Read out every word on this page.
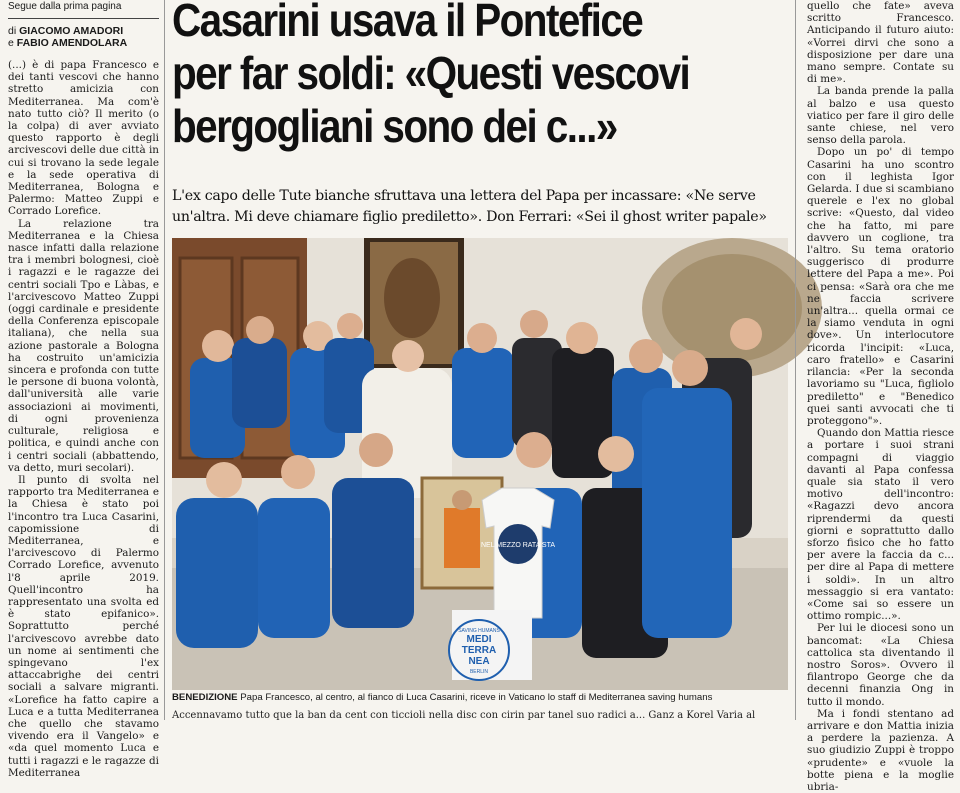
Segue dalla prima pagina
di GIACOMO AMADORI
e FABIO AMENDOLARA

(...) è di papa Francesco e dei tanti vescovi che hanno stretto amicizia con Mediterranea. Ma com'è nato tutto ciò? Il merito (o la colpa) di aver avviato questo rapporto è degli arcivescovi delle due città in cui si trovano la sede legale e la sede operativa di Mediterranea, Bologna e Palermo: Matteo Zuppi e Corrado Lorefice.

La relazione tra Mediterranea e la Chiesa nasce infatti dalla relazione tra i membri bolognesi, cioè i ragazzi e le ragazze dei centri sociali Tpo e Làbas, e l'arcivescovo Matteo Zuppi (oggi cardinale e presidente della Conferenza episcopale italiana), che nella sua azione pastorale a Bologna ha costruito un'amicizia sincera e profonda con tutte le persone di buona volontà, dall'università alle varie associazioni ai movimenti, di ogni provenienza culturale, religiosa e politica, e quindi anche con i centri sociali (abbattendo, va detto, muri secolari).

Il punto di svolta nel rapporto tra Mediterranea e la Chiesa è stato poi l'incontro tra Luca Casarini, capomissione di Mediterranea, e l'arcivescovo di Palermo Corrado Lorefice, avvenuto l'8 aprile 2019. Quell'incontro ha rappresentato una svolta ed è stato epifanico». Soprattutto perché l'arcivescovo avrebbe dato un nome ai sentimenti che spingevano l'ex attaccabrighe dei centri sociali a salvare migranti. «Lorefice ha fatto capire a Luca e a tutta Mediterranea che quello che stavamo vivendo era il Vangelo» e «da quel momento Luca e tutti i ragazzi e le ragazze di Mediterranea

Casarini usava il Pontefice
per far soldi: «Questi vescovi
bergogliani sono dei c...»
L'ex capo delle Tute bianche sfruttava una lettera del Papa per incassare: «Ne serve
un'altra. Mi deve chiamare figlio prediletto». Don Ferrari: «Sei il ghost writer papale»
NEL MEZZO RATA STA
MEDI
TERRA
NEA
SAVING HUMANS
BERLIN
BENEDIZIONE Papa Francesco, al centro, al fianco di Luca Casarini, riceve in Vaticano lo staff di Mediterranea saving humans
Accennavamo tutto que la ban da cent con ticcioli nella disc con cirin par tanel suo radici a... Ganz a Korel Varia al

quello che fate» aveva scritto Francesco. Anticipando il futuro aiuto: «Vorrei dirvi che sono a disposizione per dare una mano sempre. Contate su di me».

La banda prende la palla al balzo e usa questo viatico per fare il giro delle sante chiese, nel vero senso della parola.

Dopo un po' di tempo Casarini ha uno scontro con il leghista Igor Gelarda. I due si scambiano querele e l'ex no global scrive: «Questo, dal video che ha fatto, mi pare davvero un coglione, tra l'altro. Su tema oratorio suggerisco di produrre lettere del Papa a me». Poi ci pensa: «Sarà ora che me ne faccia scrivere un'altra... quella ormai ce la siamo venduta in ogni dove». Un interlocutore ricorda l'incipit: «Luca, caro fratello» e Casarini rilancia: «Per la seconda lavoriamo su "Luca, figliolo prediletto" e "Benedico quei santi avvocati che ti proteggono"».

Quando don Mattia riesce a portare i suoi strani compagni di viaggio davanti al Papa confessa quale sia stato il vero motivo dell'incontro: «Ragazzi devo ancora riprendermi da questi giorni e soprattutto dallo sforzo fisico che ho fatto per avere la faccia da c... per dire al Papa di mettere i soldi». In un altro messaggio si era vantato: «Come sai so essere un ottimo rompic...».

Per lui le diocesi sono un bancomat: «La Chiesa cattolica sta diventando il nostro Soros». Ovvero il filantropo George che da decenni finanzia Ong in tutto il mondo.

Ma i fondi stentano ad arrivare e don Mattia inizia a perdere la pazienza. A suo giudizio Zuppi è troppo «prudente» e «vuole la botte piena e la moglie ubria-
